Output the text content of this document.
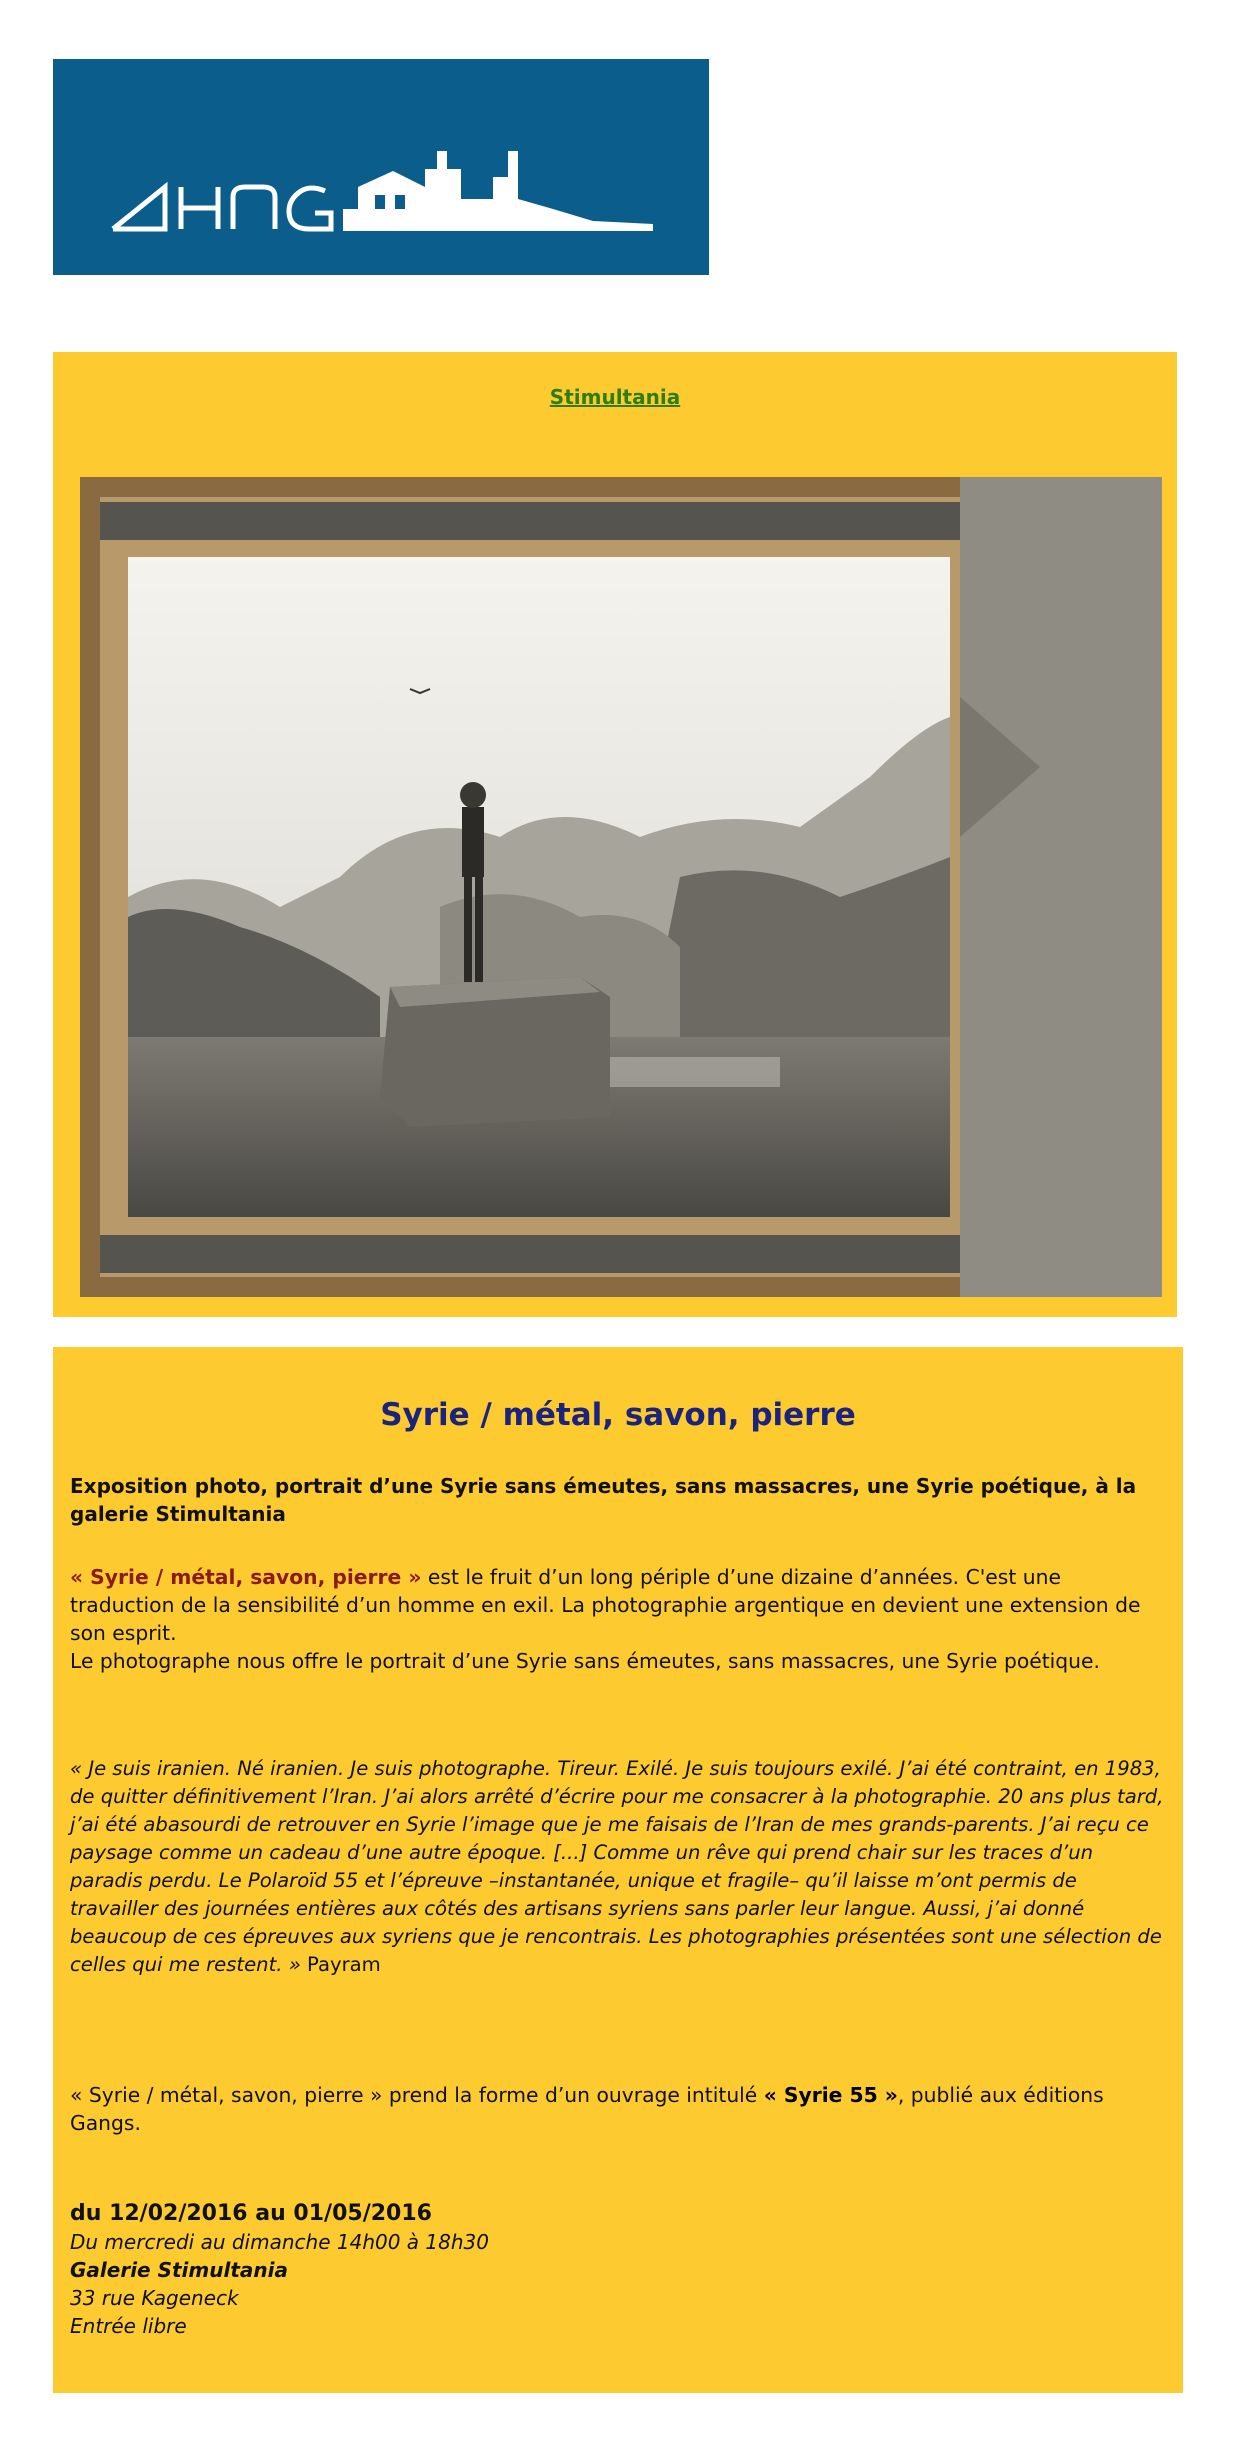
Stimultania
Syrie / métal, savon, pierre
Exposition photo, portrait d’une Syrie sans émeutes, sans massacres, une Syrie poétique, à la galerie Stimultania
« Syrie / métal, savon, pierre » est le fruit d’un long périple d’une dizaine d’années. C'est une traduction de la sensibilité d’un homme en exil. La photographie argentique en devient une extension de son esprit.
Le photographe nous offre le portrait d’une Syrie sans émeutes, sans massacres, une Syrie poétique.
« Je suis iranien. Né iranien. Je suis photographe. Tireur. Exilé. Je suis toujours exilé. J’ai été contraint, en 1983, de quitter définitivement l’Iran. J’ai alors arrêté d’écrire pour me consacrer à la photographie. 20 ans plus tard, j’ai été abasourdi de retrouver en Syrie l’image que je me faisais de l’Iran de mes grands-parents. J’ai reçu ce paysage comme un cadeau d’une autre époque. [...] Comme un rêve qui prend chair sur les traces d’un paradis perdu. Le Polaroïd 55 et l’épreuve –instantanée, unique et fragile– qu’il laisse m’ont permis de travailler des journées entières aux côtés des artisans syriens sans parler leur langue. Aussi, j’ai donné beaucoup de ces épreuves aux syriens que je rencontrais. Les photographies présentées sont une sélection de celles qui me restent. » Payram
« Syrie / métal, savon, pierre » prend la forme d’un ouvrage intitulé « Syrie 55 », publié aux éditions Gangs.
du 12/02/2016 au 01/05/2016

Du mercredi au dimanche 14h00 à 18h30
Galerie Stimultania
33 rue Kageneck
Entrée libre
